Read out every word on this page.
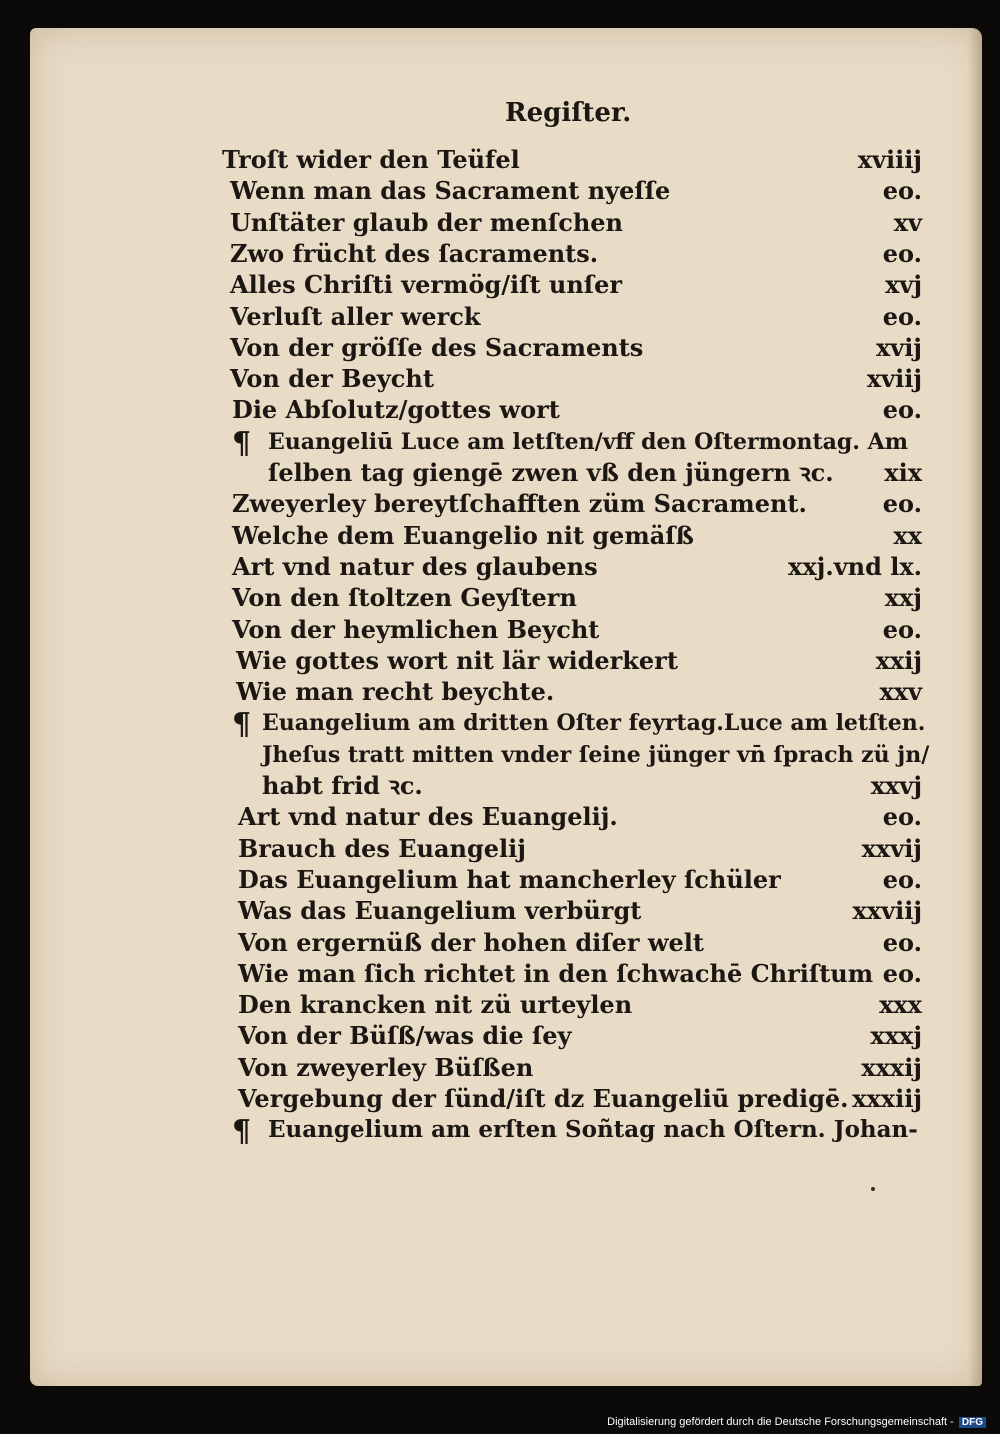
Regiſter.
Troſt wider den Teüfel	xviiij
Wenn man das Sacrament nyeſſe	eo.
Unſtäter glaub der menſchen	xv
Zwo frücht des ſacraments.	eo.
Alles Chriſti vermög/iſt unſer	xvj
Verluſt aller werck	eo.
Von der gröſſe des Sacraments	xvij
Von der Beycht	xviij
Die Abſolutz/gottes wort	eo.
¶ Euangeliū Luce am letſten/vff den Oſtermontag. Am
ſelben tag giengē zwen vß den jüngern ꝛc.	xix
Zweyerley bereytſchafften züm Sacrament.	eo.
Welche dem Euangelio nit gemäſß	xx
Art vnd natur des glaubens	xxj.vnd lx.
Von den ſtoltzen Geyſtern	xxj
Von der heymlichen Beycht	eo.
Wie gottes wort nit lär widerkert	xxij
Wie man recht beychte.	xxv
¶ Euangelium am dritten Oſter feyrtag.Luce am letſten.
Jheſus tratt mitten vnder ſeine jünger vn̄ ſprach zü jn/
habt frid ꝛc.	xxvj
Art vnd natur des Euangelij.	eo.
Brauch des Euangelij	xxvij
Das Euangelium hat mancherley ſchüler	eo.
Was das Euangelium verbürgt	xxviij
Von ergernüß der hohen diſer welt	eo.
Wie man ſich richtet in den ſchwachē Chriſtum eo.
Den krancken nit zü urteylen	xxx
Von der Büſß/was die ſey	xxxj
Von zweyerley Büſßen	xxxij
Vergebung der ſünd/iſt dz Euangeliū predigē. xxxiij
¶ Euangelium am erſten Soñtag nach Oſtern. Johan-
Digitalisierung gefördert durch die Deutsche Forschungsgemeinschaft - DFG
